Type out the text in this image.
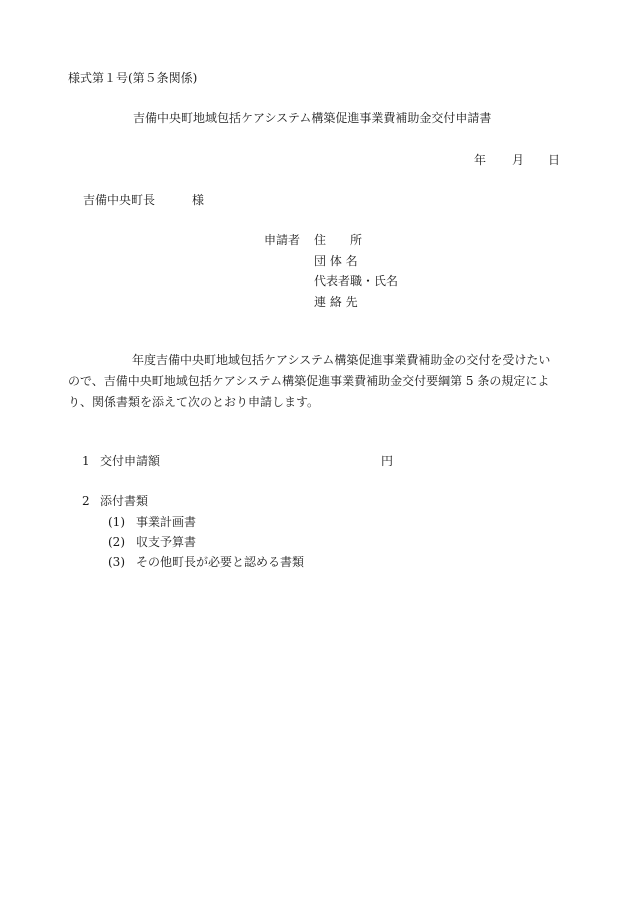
様式第１号(第５条関係)
吉備中央町地域包括ケアシステム構築促進事業費補助金交付申請書
年 月 日
吉備中央町長	様
申請者 住　　所
団 体 名
代表者職・氏名
連 絡 先
年度吉備中央町地域包括ケアシステム構築促進事業費補助金の交付を受けたい
ので、吉備中央町地域包括ケアシステム構築促進事業費補助金交付要綱第 5 条の規定によ
り、関係書類を添えて次のとおり申請します。
1 交付申請額	円
2 添付書類
(1) 事業計画書
(2) 収支予算書
(3) その他町長が必要と認める書類
